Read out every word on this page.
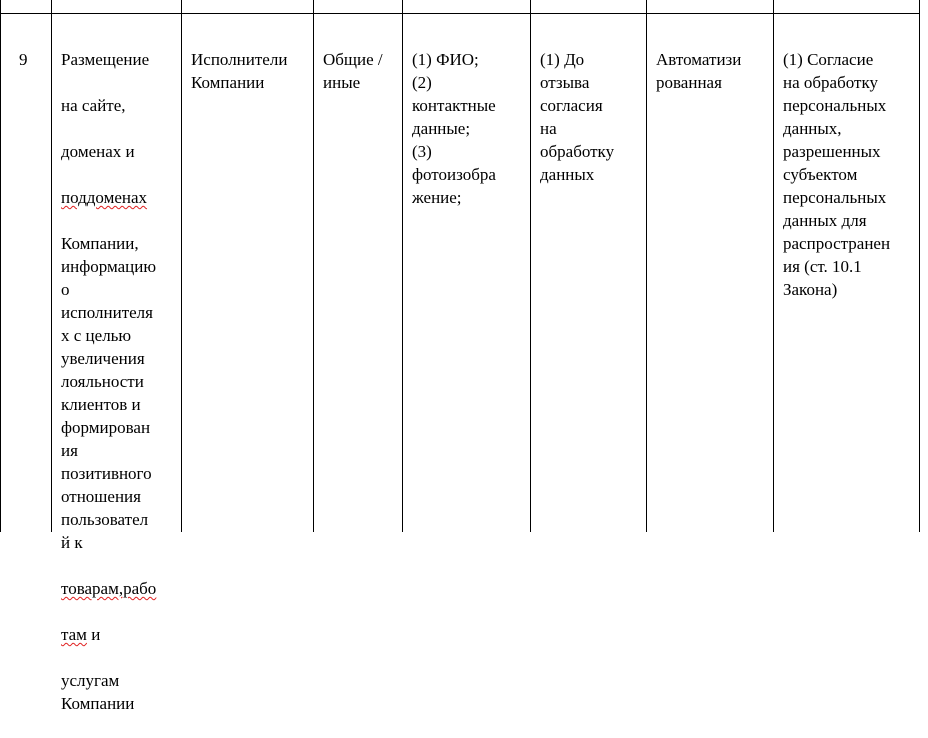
9	Размещение

на сайте,

доменах и

поддоменах

Компании,
информацию
о
исполнителя
х с целью
увеличения
лояльности
клиентов и
формирован
ия
позитивного
отношения
пользовател
й к

товарам,рабо

там и

услугам
Компании

Исполнители
Компании

Общие /
иные

(1) ФИО;
(2)
контактные
данные;
(3)
фотоизобра
жение;

(1) До
отзыва
согласия
на
обработку
данных

Автоматизи
рованная

(1) Согласие
на обработку
персональных
данных,
разрешенных
субъектом
персональных
данных для
распространен
ия (ст. 10.1
Закона)
